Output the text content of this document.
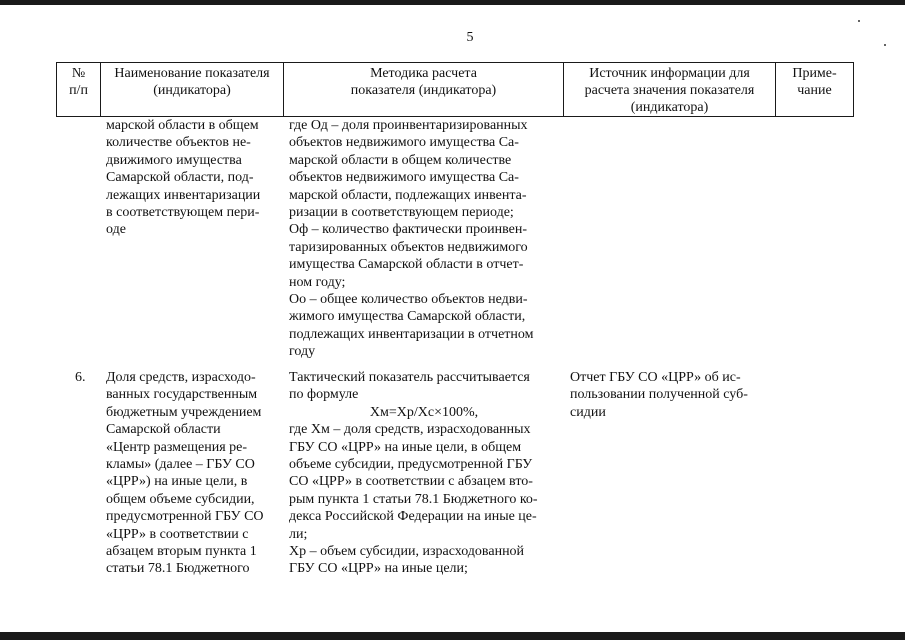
5
№
п/п
Наименование показателя
(индикатора)
Методика расчета
показателя (индикатора)
Источник информации для
расчета значения показателя
(индикатора)
Приме-
чание
марской области в общем
количестве объектов не-
движимого имущества
Самарской области, под-
лежащих инвентаризации
в соответствующем пери-
оде
где Од – доля проинвентаризированных
объектов недвижимого имущества Са-
марской области в общем количестве
объектов недвижимого имущества Са-
марской области, подлежащих инвента-
ризации в соответствующем периоде;
Оф – количество фактически проинвен-
таризированных объектов недвижимого
имущества Самарской области в отчет-
ном году;
Оо – общее количество объектов недви-
жимого имущества Самарской области,
подлежащих инвентаризации в отчетном
году
6.	Доля средств, израсходо-
ванных государственным
бюджетным учреждением
Самарской области
«Центр размещения ре-
кламы» (далее – ГБУ СО
«ЦРР») на иные цели, в
общем объеме субсидии,
предусмотренной ГБУ СО
«ЦРР» в соответствии с
абзацем вторым пункта 1
статьи 78.1 Бюджетного
Тактический показатель рассчитывается
по формуле
Хм=Хр/Хс×100%,
где Хм – доля средств, израсходованных
ГБУ СО «ЦРР» на иные цели, в общем
объеме субсидии, предусмотренной ГБУ
СО «ЦРР» в соответствии с абзацем вто-
рым пункта 1 статьи 78.1 Бюджетного ко-
декса Российской Федерации на иные це-
ли;
Хр – объем субсидии, израсходованной
ГБУ СО «ЦРР» на иные цели;
Отчет ГБУ СО «ЦРР» об ис-
пользовании полученной суб-
сидии
